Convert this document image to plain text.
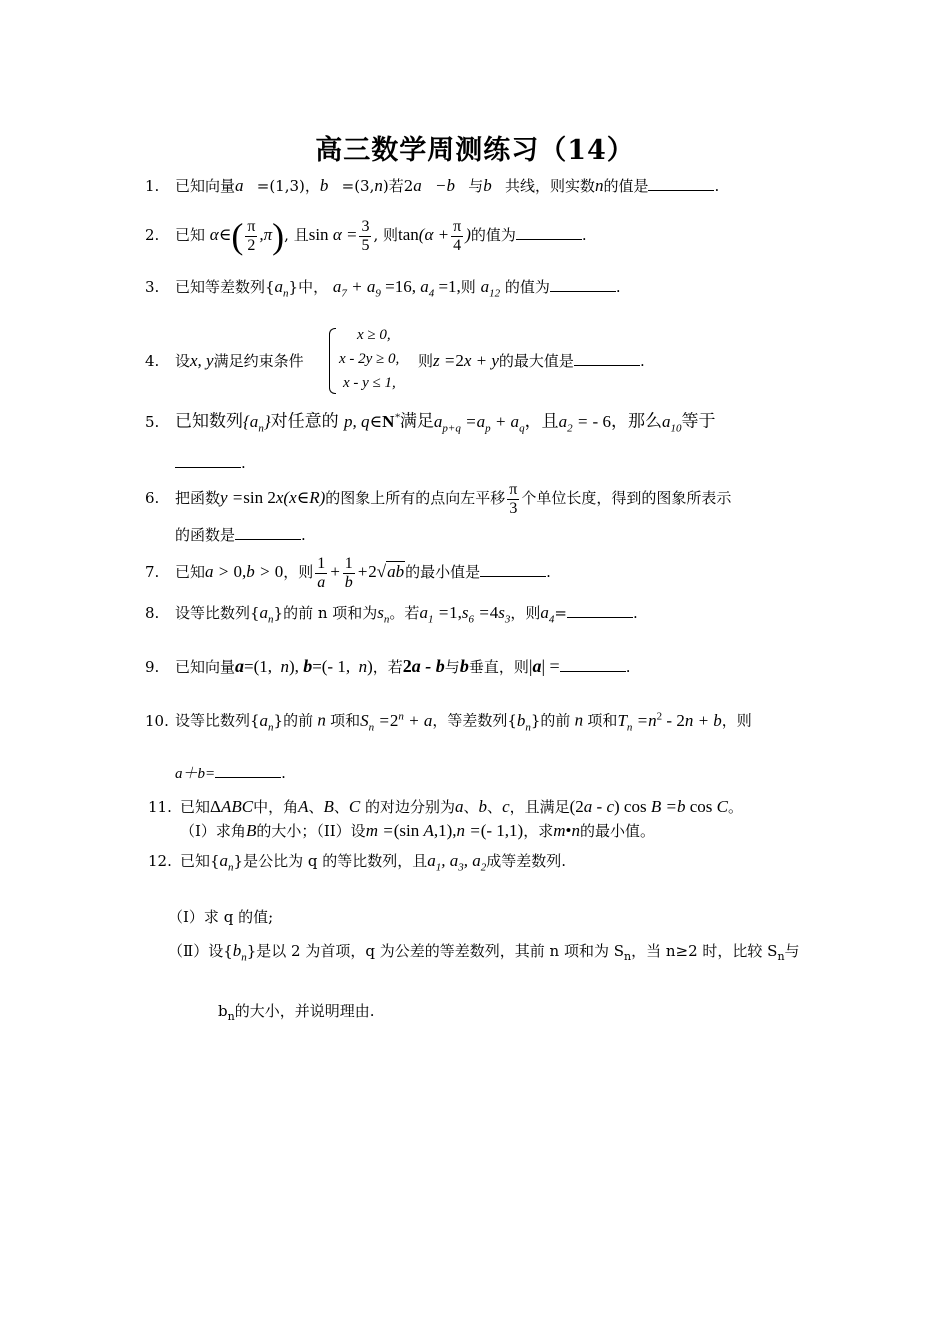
高三数学周测练习（14）
1. 已知向量a⃗=(1,3)，b⃗=(3,n)若2a⃗−b⃗与b⃗共线，则实数n的值是	.
2. 已知 α∈( $\frac{\pi}{2} ,\pi$), 且$\sin \alpha = \frac{3}{5}$ , 则$\tan(\alpha + \frac{\pi}{4}$ )的值为	.
3. 已知等差数列$\{a_n\}$中， $a_7 + a_9 =16$, $a_4 =1$,则 $a_{12}$ 的值为	.
4. 设x, y满足约束条件
x ≥ 0,
x - 2y ≥ 0,
x - y ≤ 1,
则z =2x + y的最大值是	.
5. 已知数列$\{a_n\}$对任意的 p, q∈N*满足$a_{p+q} =a_p + a_q$，且$a_2$ = - 6，那么$a_{10}$等于
.
6. 把函数y =sin 2x(x∈R)的图象上所有的点向左平移 $\frac{\pi}{3}$ 个单位长度，得到的图象所表示
的函数是	.
7. 已知a > 0,b > 0，则 $\frac{1}{a} + \frac{1}{b} +2√ab$的最小值是	.
8. 设等比数列$\{a_n\}$的前 n 项和为$s_n$。若$a_1 =1,s_6 =4s_3$，则$a_4=$	.
9. 已知向量a=(1,  n), b=(- 1,  n)，若2a - b与b垂直，则|a| =	.
10. 设等比数列$\{a_n\}$的前 n 项和$S_n =2^n + a$，等差数列$\{b_n\}$的前 n 项和$T_n =n^2 - 2n + b$，则
a＋b=	.
11. 已知ΔABC中，角A、B、C 的对边分别为a、b、c，且满足(2a - c) cos B =b cos C。
（I）求角B的大小；（II）设m =(sin A,1),n =(- 1,1)，求m•n的最小值。
12. 已知$\{a_n\}$是公比为 q 的等比数列，且$a_1$, $a_3$, $a_2$成等差数列.
（Ⅰ）求 q 的值;
（Ⅱ）设$\{b_n\}$是以 2 为首项，q 为公差的等差数列，其前 n 项和为 $S_n$，当 n≥2 时，比较 $S_n$与
$b_n$的大小，并说明理由.
